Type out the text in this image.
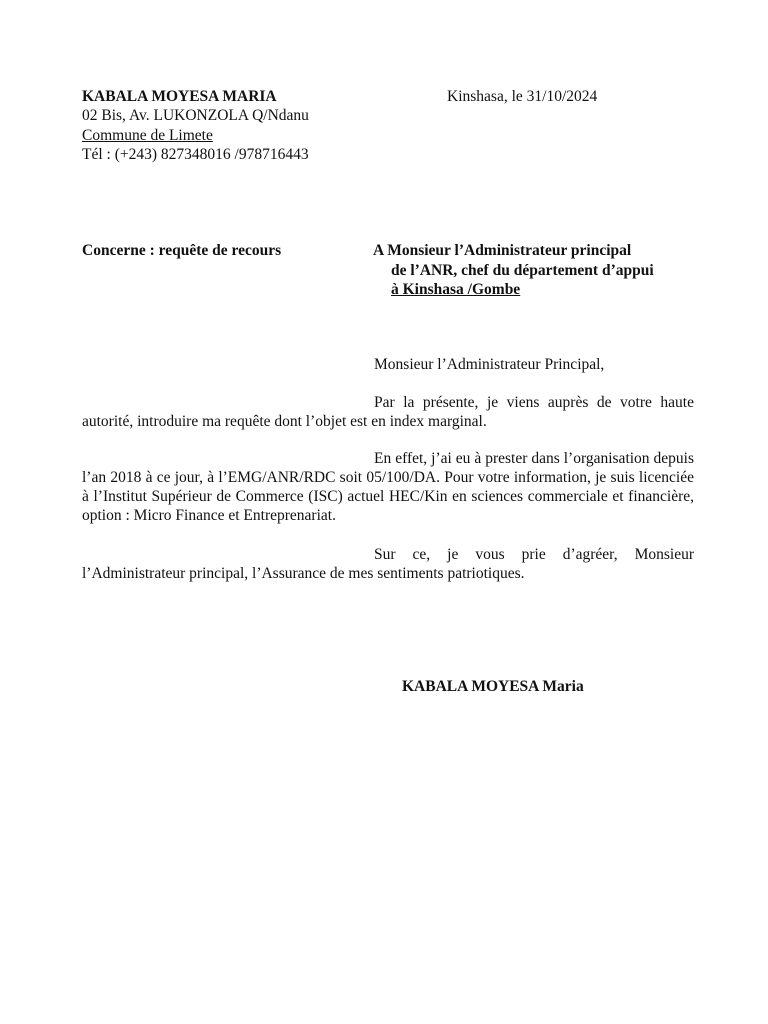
KABALA MOYESA MARIA
02 Bis, Av. LUKONZOLA Q/Ndanu
Commune de Limete
Tél : (+243) 827348016 /978716443
Kinshasa, le 31/10/2024
Concerne : requête de recours	A Monsieur l’Administrateur principal
de l’ANR, chef du département d’appui
à Kinshasa /Gombe
Monsieur l’Administrateur Principal,

Par la présente, je viens auprès de votre haute autorité, introduire ma requête dont l’objet est en index marginal.

En effet, j’ai eu à prester dans l’organisation depuis l’an 2018 à ce jour, à l’EMG/ANR/RDC soit 05/100/DA. Pour votre information, je suis licenciée à l’Institut Supérieur de Commerce (ISC) actuel HEC/Kin en sciences commerciale et financière, option : Micro Finance et Entreprenariat.

Sur ce, je vous prie d’agréer, Monsieur l’Administrateur principal, l’Assurance de mes sentiments patriotiques.

KABALA MOYESA Maria
